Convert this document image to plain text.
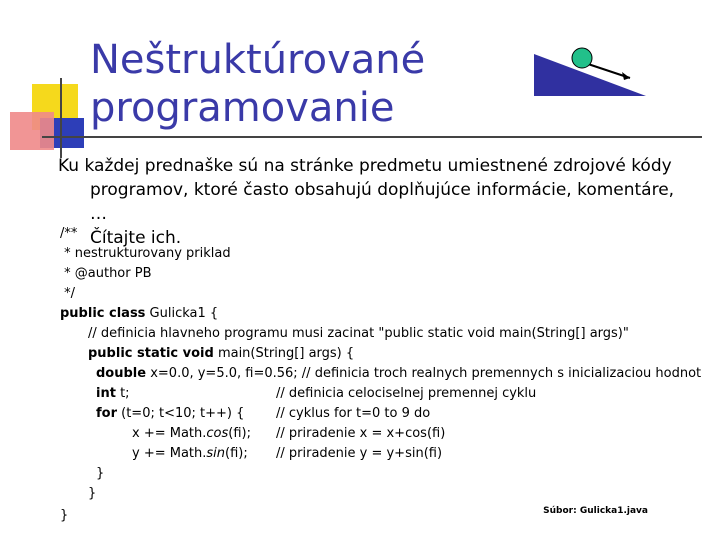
Neštruktúrované
programovanie
Ku každej prednaške sú na stránke predmetu umiestnené zdrojové kódy
programov, ktoré často obsahujú doplňujúce informácie, komentáre, …
Čítajte ich.
/**
* nestrukturovany priklad
* @author PB
*/
public class Gulicka1 {
// definicia hlavneho programu musi zacinat "public static void main(String[] args)"
public static void main(String[] args) {
double x=0.0, y=5.0, fi=0.56; // definicia troch realnych premennych s inicializaciou hodnot
int t;	// definicia celociselnej premennej cyklu
for (t=0; t<10; t++) { // cyklus for t=0 to 9 do
x += Math.cos(fi); // priradenie x = x+cos(fi)
y += Math.sin(fi); // priradenie y = y+sin(fi)
}
}
}	Súbor: Gulicka1.java
